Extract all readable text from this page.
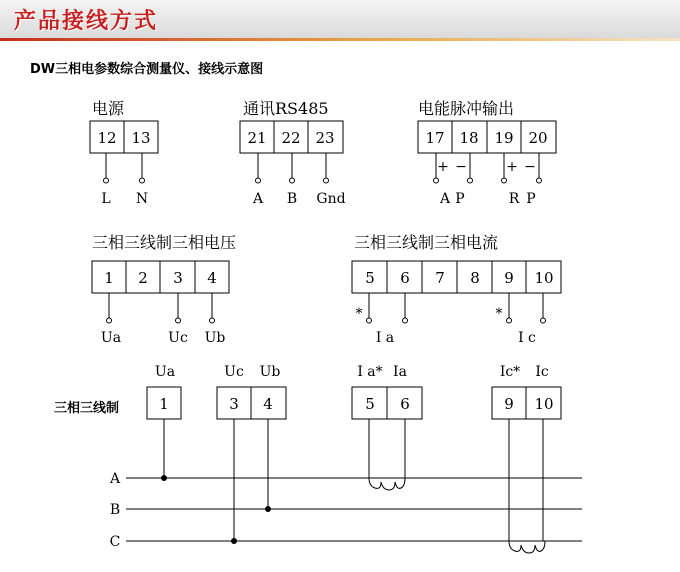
产品接线方式
DW三相电参数综合测量仪、接线示意图
电源
12 13
L N
通讯RS485
21 22 23
A B Gnd
电能脉冲输出
17 18 19 20
+ −	+ −
A P	R P
三相三线制三相电压
1 2 3 4
Ua	Uc Ub
三相三线制三相电流
5 6 7 8 9 10
*	*
I a	I c
三相三线制
Ua	Uc Ub	I a* Ia	Ic* Ic
1	3 4	5 6	9 10
A
B
C
